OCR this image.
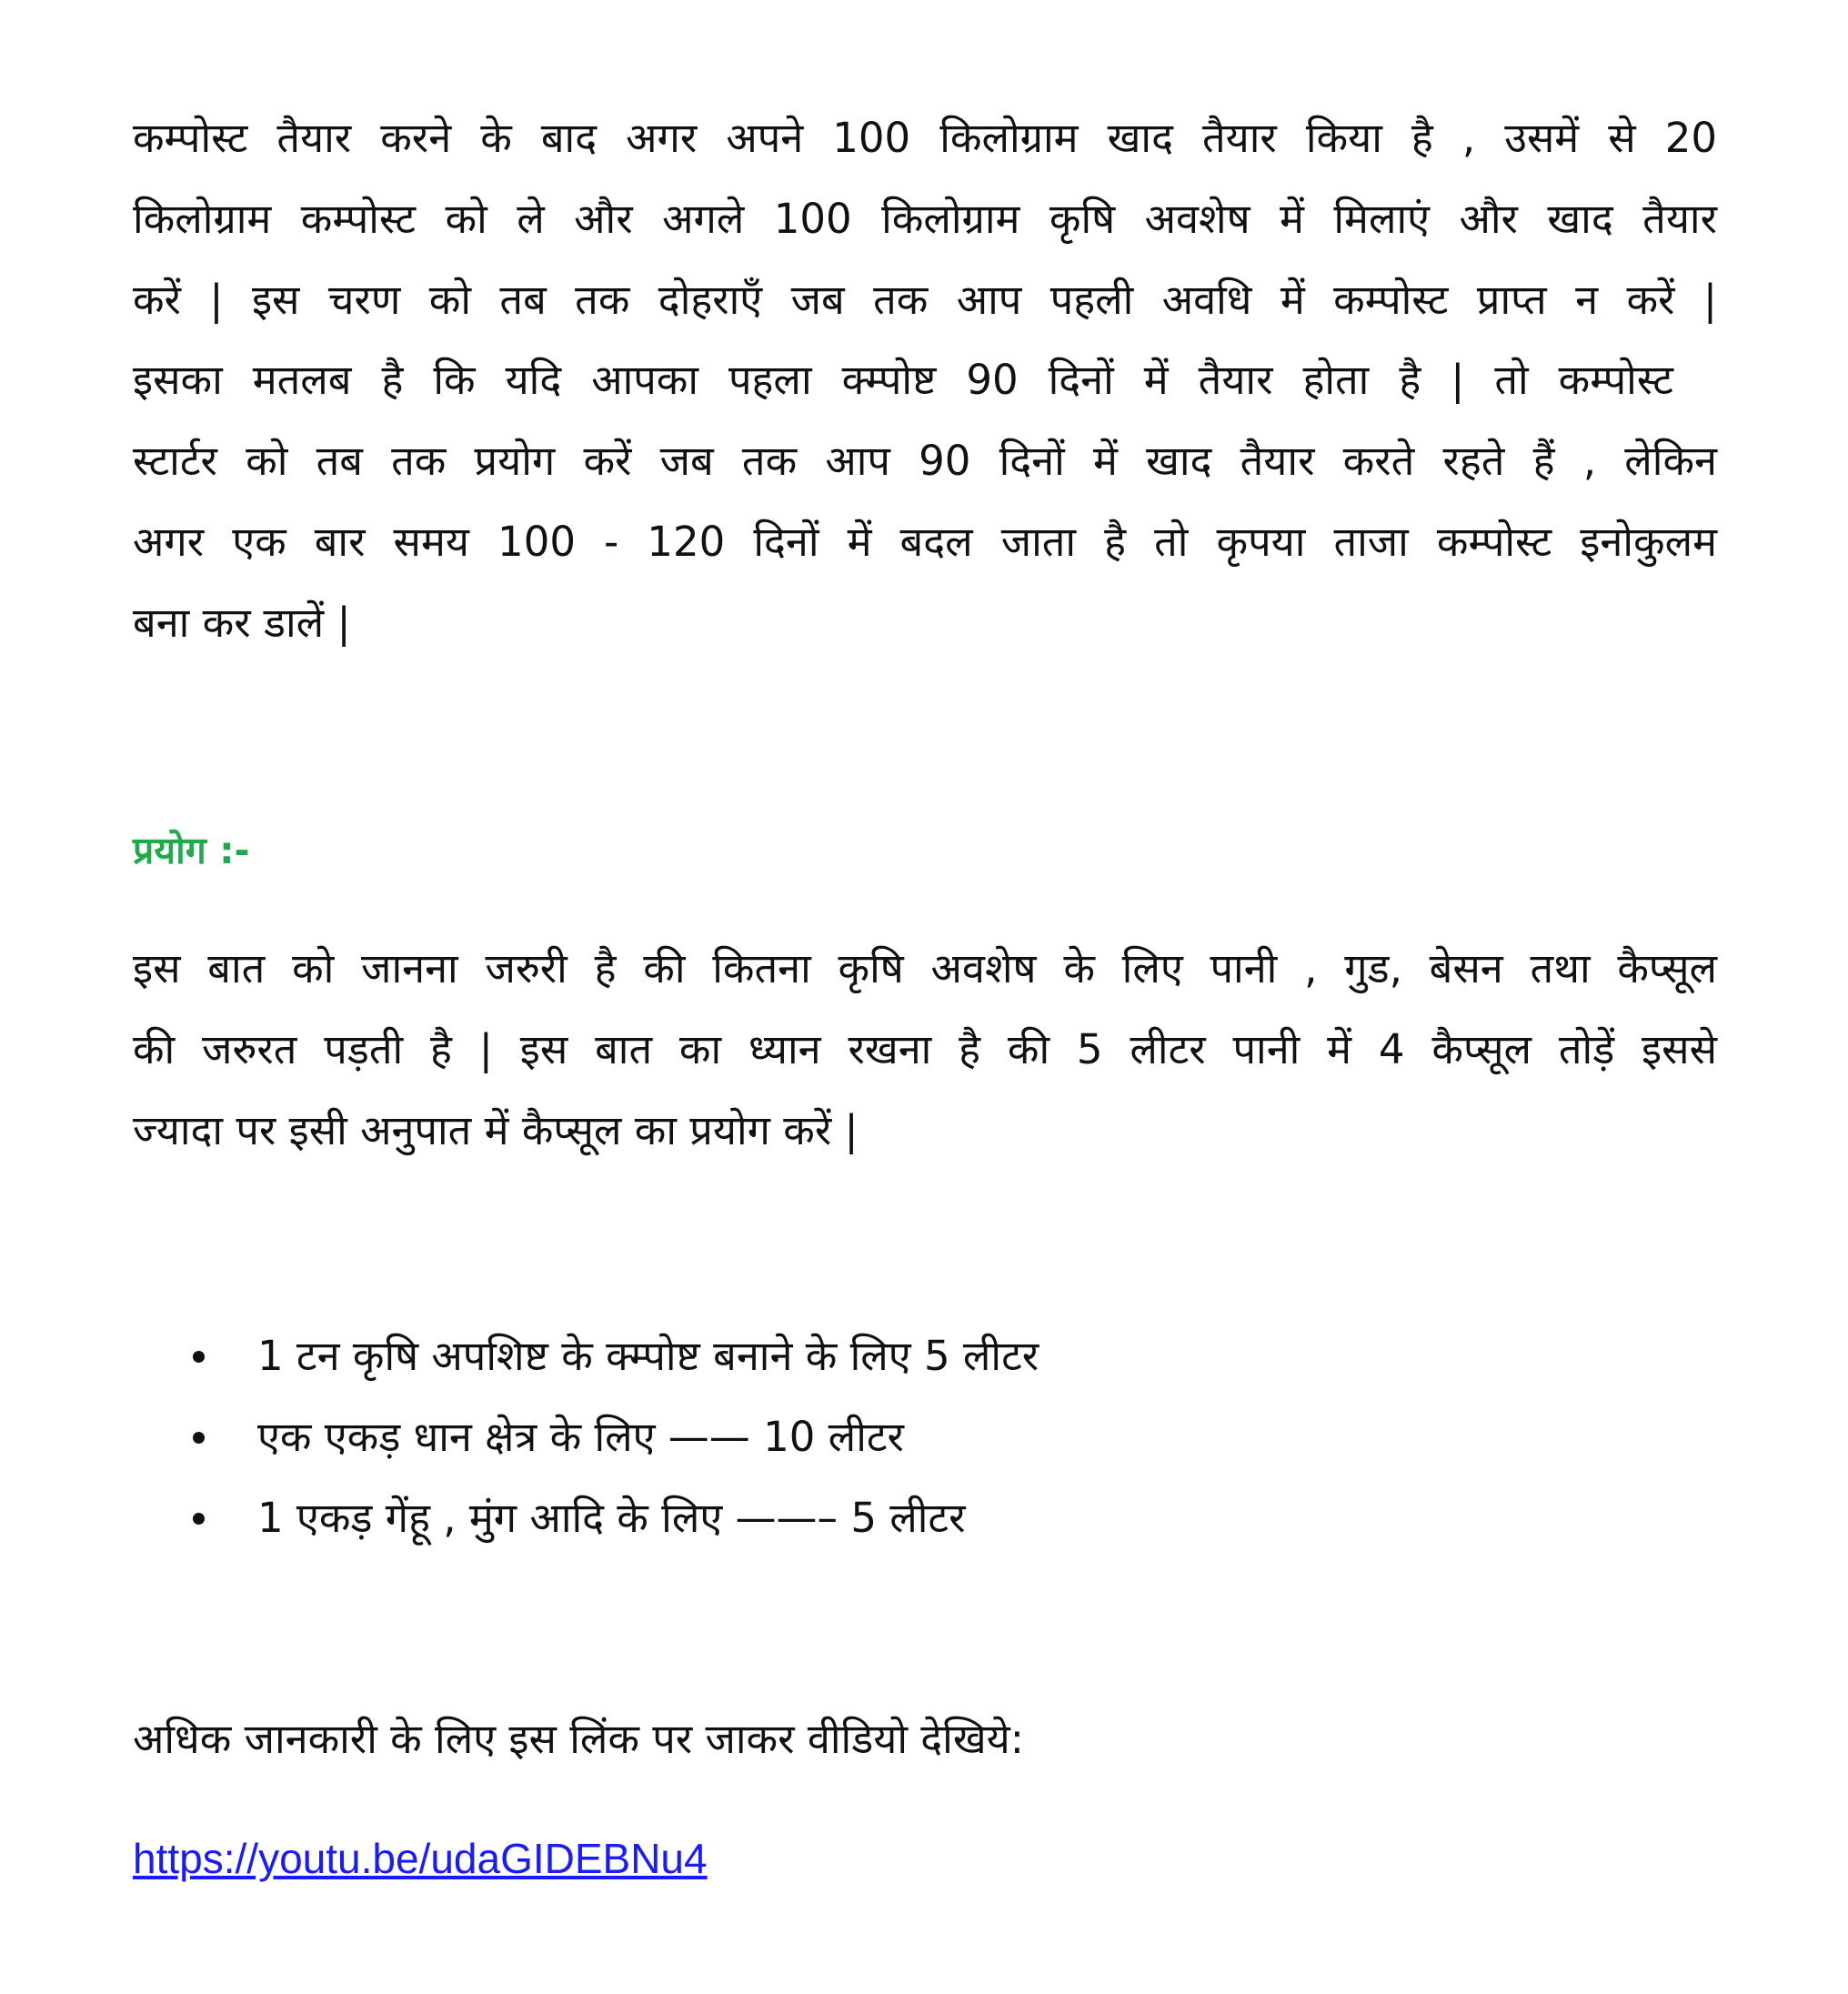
कम्पोस्ट तैयार करने के बाद अगर अपने 100 किलोग्राम खाद तैयार किया है , उसमें से 20

किलोग्राम कम्पोस्ट को ले और अगले 100 किलोग्राम कृषि अवशेष में मिलाएं और खाद तैयार

करें | इस चरण को तब तक दोहराएँ जब तक आप पहली अवधि में कम्पोस्ट प्राप्त न करें |

इसका मतलब है कि यदि आपका पहला क्म्पोष्ट 90 दिनों में तैयार होता है | तो कम्पोस्ट

स्टार्टर को तब तक प्रयोग करें जब तक आप 90 दिनों में खाद तैयार करते रहते हैं , लेकिन

अगर एक बार समय 100 - 120 दिनों में बदल जाता है तो कृपया ताजा कम्पोस्ट इनोकुलम

बना कर डालें |

प्रयोग :-

इस बात को जानना जरुरी है की कितना कृषि अवशेष के लिए पानी , गुड, बेसन तथा कैप्सूल

की जरुरत पड़ती है | इस बात का ध्यान रखना है की 5 लीटर पानी में 4 कैप्सूल तोड़ें इससे

ज्यादा पर इसी अनुपात में कैप्सूल का प्रयोग करें |

1 टन कृषि अपशिष्ट के क्म्पोष्ट बनाने के लिए 5 लीटर
एक एकड़ धान क्षेत्र के लिए —— 10 लीटर
1 एकड़ गेंहू , मुंग आदि के लिए ——– 5 लीटर

अधिक जानकारी के लिए इस लिंक पर जाकर वीडियो देखिये:

https://youtu.be/udaGIDEBNu4
